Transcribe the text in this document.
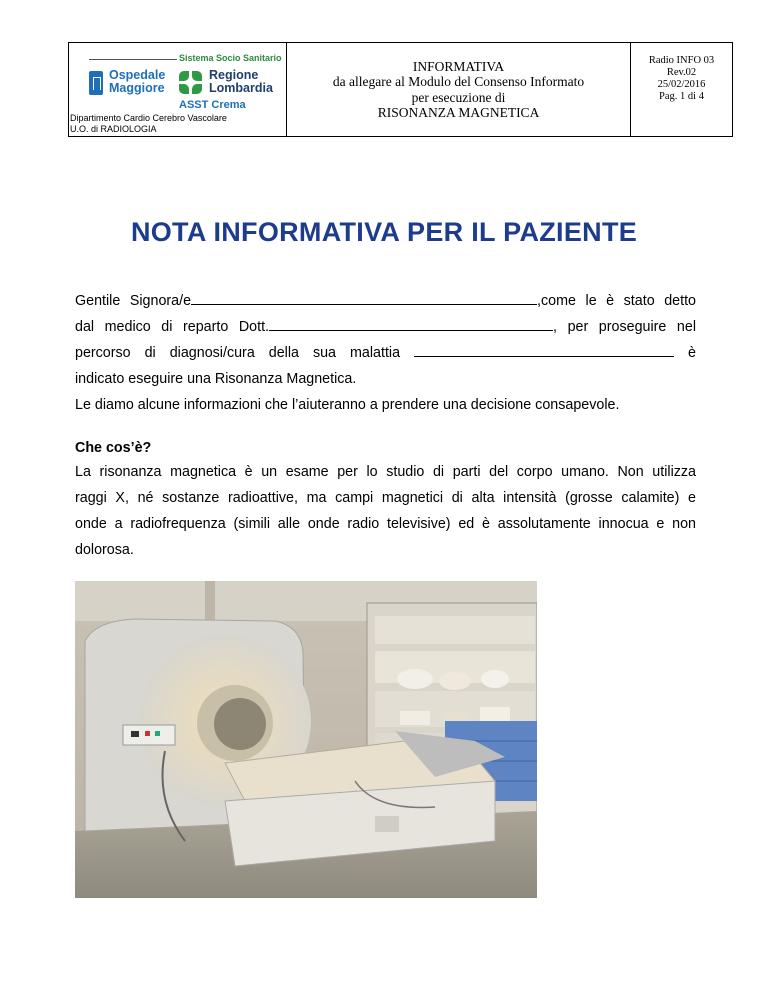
Sistema Socio Sanitario
Ospedale
Maggiore
Regione
Lombardia
ASST Crema
Dipartimento Cardio Cerebro Vascolare
U.O. di RADIOLOGIA
INFORMATIVA
da allegare al Modulo del Consenso Informato
per esecuzione di
RISONANZA MAGNETICA
Radio INFO 03
Rev.02
25/02/2016
Pag. 1 di 4
NOTA INFORMATIVA PER IL PAZIENTE

Gentile Signora/e	,come le è stato detto

dal medico di reparto Dott.	, per proseguire nel

percorso di diagnosi/cura della sua malattia	è

indicato eseguire una Risonanza Magnetica.

Le diamo alcune informazioni che l’aiuteranno a prendere una decisione consapevole.

Che cos’è?

La risonanza magnetica è un esame per lo studio di parti del corpo umano. Non utilizza

raggi X, né sostanze radioattive, ma campi magnetici di alta intensità (grosse calamite) e

onde a radiofrequenza (simili alle onde radio televisive) ed è assolutamente innocua e non

dolorosa.
